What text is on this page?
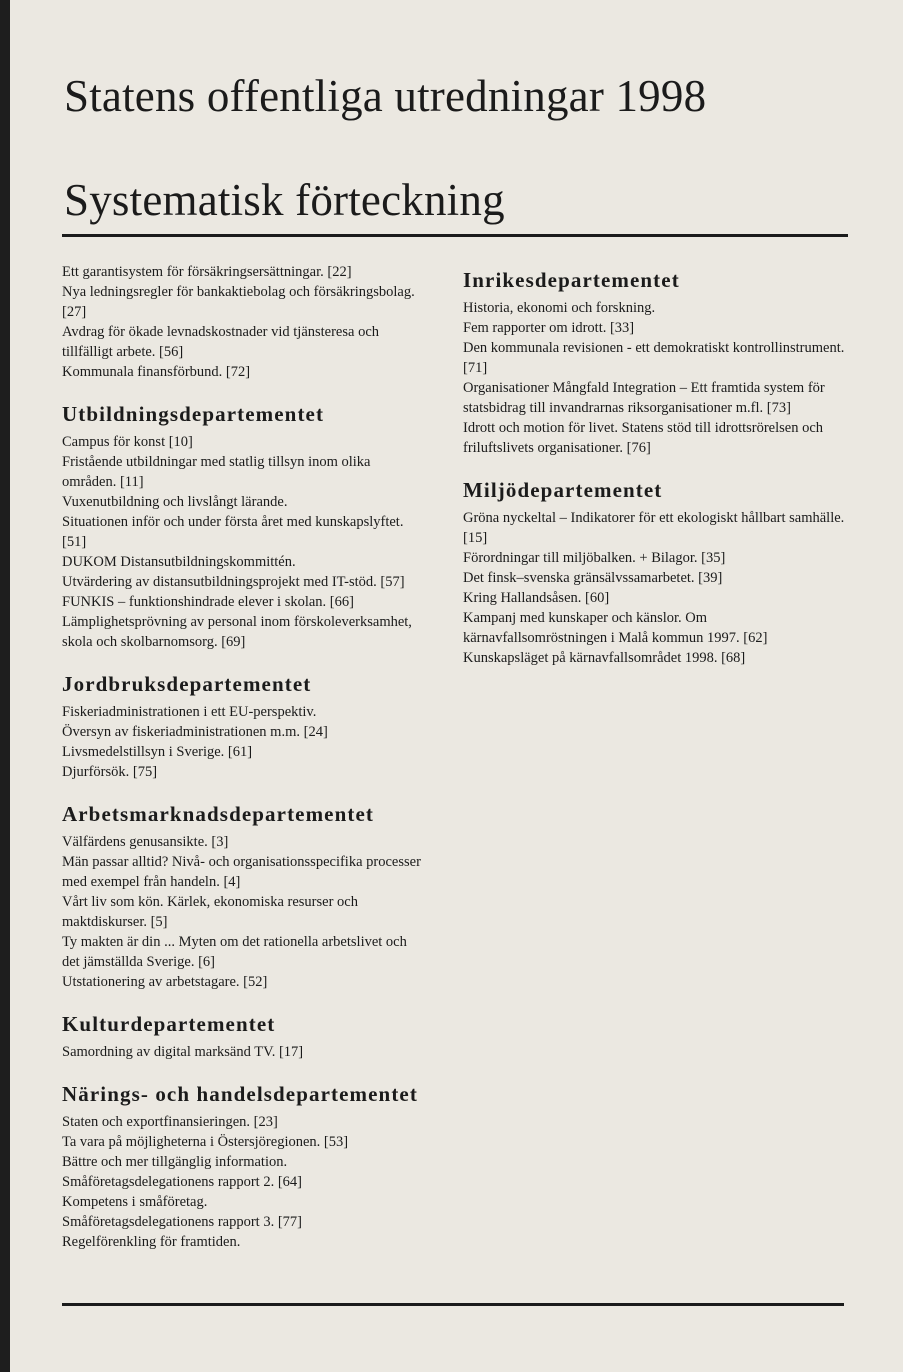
Statens offentliga utredningar 1998
Systematisk förteckning
Ett garantisystem för försäkringsersättningar. [22]
Nya ledningsregler för bankaktiebolag och försäkringsbolag. [27]
Avdrag för ökade levnadskostnader vid tjänsteresa och tillfälligt arbete. [56]
Kommunala finansförbund. [72]
Utbildningsdepartementet
Campus för konst [10]
Fristående utbildningar med statlig tillsyn inom olika områden. [11]
Vuxenutbildning och livslångt lärande.
Situationen inför och under första året med kunskapslyftet. [51]
DUKOM Distansutbildningskommittén.
Utvärdering av distansutbildningsprojekt med IT-stöd. [57]
FUNKIS – funktionshindrade elever i skolan. [66]
Lämplighetsprövning av personal inom förskoleverksamhet, skola och skolbarnomsorg. [69]
Jordbruksdepartementet
Fiskeriadministrationen i ett EU-perspektiv.
Översyn av fiskeriadministrationen m.m. [24]
Livsmedelstillsyn i Sverige. [61]
Djurförsök. [75]
Arbetsmarknadsdepartementet
Välfärdens genusansikte. [3]
Män passar alltid? Nivå- och organisationsspecifika processer med exempel från handeln. [4]
Vårt liv som kön. Kärlek, ekonomiska resurser och maktdiskurser. [5]
Ty makten är din ... Myten om det rationella arbetslivet och det jämställda Sverige. [6]
Utstationering av arbetstagare. [52]
Kulturdepartementet
Samordning av digital marksänd TV. [17]
Närings- och handelsdepartementet
Staten och exportfinansieringen. [23]
Ta vara på möjligheterna i Östersjöregionen. [53]
Bättre och mer tillgänglig information.
Småföretagsdelegationens rapport 2. [64]
Kompetens i småföretag.
Småföretagsdelegationens rapport 3. [77]
Regelförenkling för framtiden.
Inrikesdepartementet
Historia, ekonomi och forskning.
Fem rapporter om idrott. [33]
Den kommunala revisionen - ett demokratiskt kontrollinstrument. [71]
Organisationer Mångfald Integration – Ett framtida system för statsbidrag till invandrarnas riksorganisationer m.fl. [73]
Idrott och motion för livet. Statens stöd till idrottsrörelsen och friluftslivets organisationer. [76]
Miljödepartementet
Gröna nyckeltal – Indikatorer för ett ekologiskt hållbart samhälle. [15]
Förordningar till miljöbalken. + Bilagor. [35]
Det finsk–svenska gränsälvssamarbetet. [39]
Kring Hallandsåsen. [60]
Kampanj med kunskaper och känslor. Om kärnavfallsomröstningen i Malå kommun 1997. [62]
Kunskapsläget på kärnavfallsområdet 1998. [68]
